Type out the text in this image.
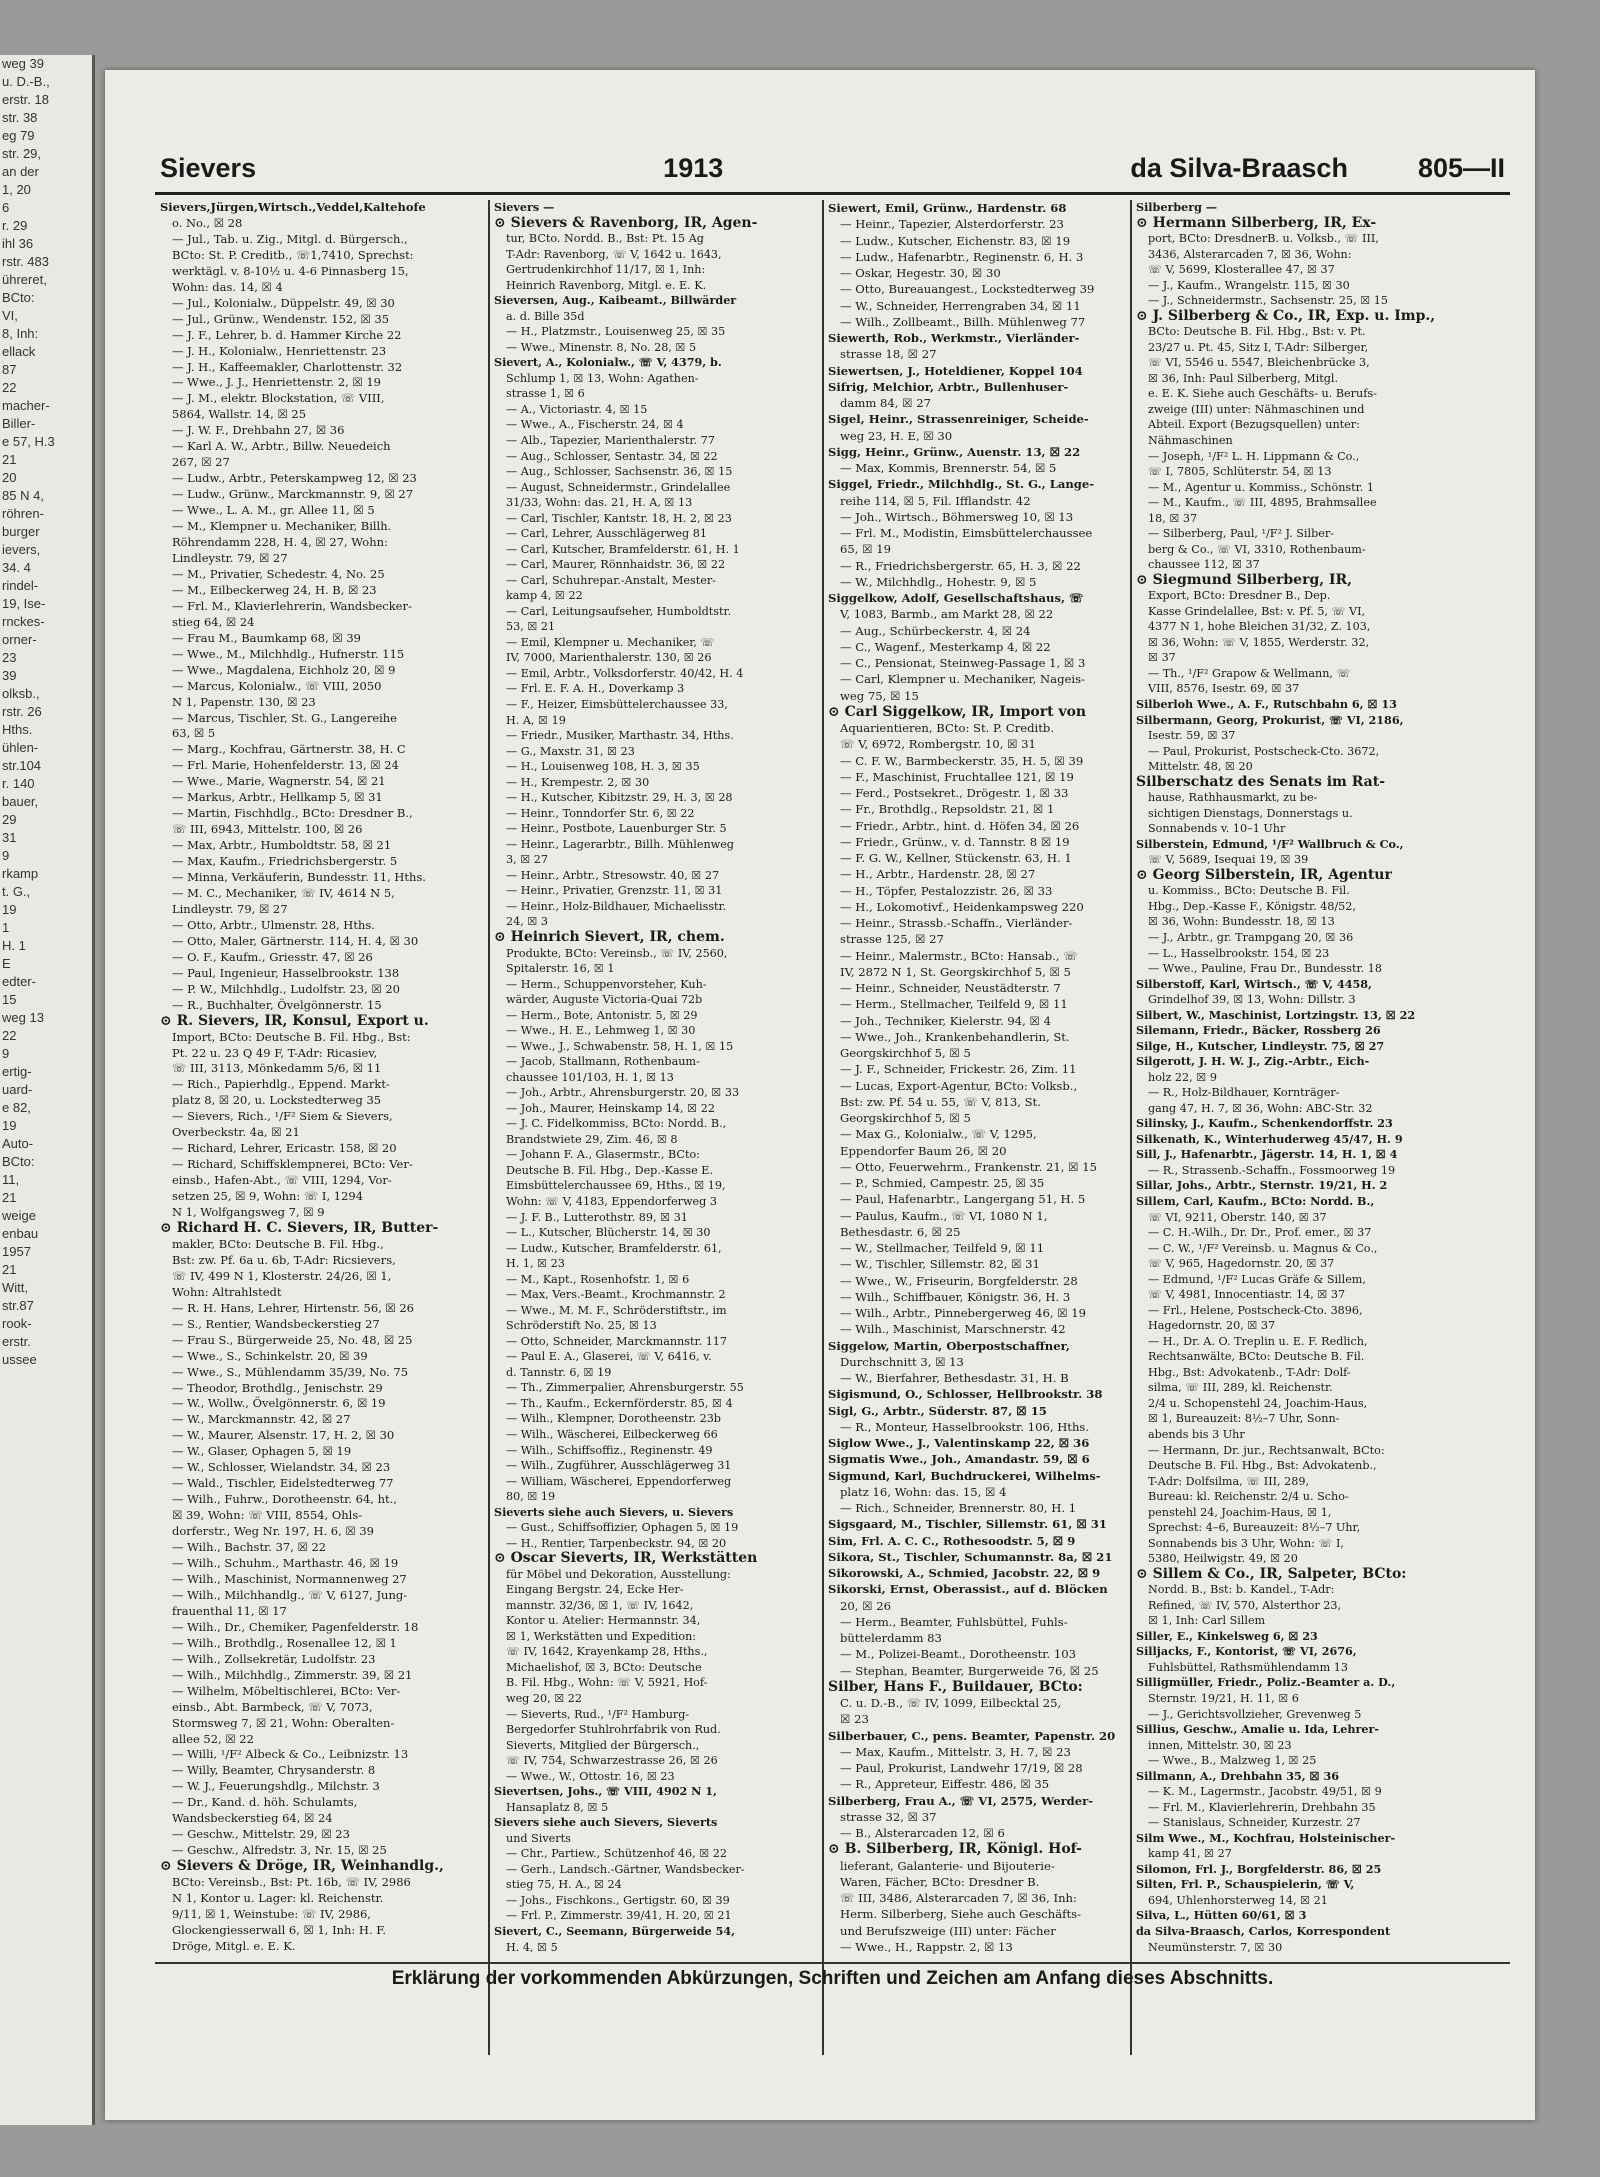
weg 39
u. D.-B.,
erstr. 18
str. 38
eg 79
str. 29,
an der
1, 20
6
r. 29
ihl 36
rstr. 483
ühreret,
BCto:
VI,
8, Inh:
ellack
87
22
macher-
Biller-
e 57, H.3
21
20
85 N 4,
röhren-
burger
ievers,
34. 4
rindel-
19, Ise-
rnckes-
orner-
23
39
olksb.,
rstr. 26
Hths.
ühlen-
str.104
r. 140
bauer,
29
31
9
rkamp
t. G.,
19
1
H. 1
E
edter-
15
weg 13
22
9
ertig-
uard-
e 82,
19
Auto-
BCto:
11,
21
weige
enbau
1957
21
Witt,
str.87
rook-
erstr.
ussee
Sievers	1913	da Silva-Braasch	805—II

Sievers,Jürgen,Wirtsch.,Veddel,Kaltehofe

o. No., ☒ 28

— Jul., Tab. u. Zig., Mitgl. d. Bürgersch.,

BCto: St. P. Creditb., ☏1,7410, Sprechst:

werktägl. v. 8-10½ u. 4-6 Pinnasberg 15,

Wohn: das. 14, ☒ 4

— Jul., Kolonialw., Düppelstr. 49, ☒ 30

— Jul., Grünw., Wendenstr. 152, ☒ 35

— J. F., Lehrer, b. d. Hammer Kirche 22

— J. H., Kolonialw., Henriettenstr. 23

— J. H., Kaffeemakler, Charlottenstr. 32

— Wwe., J. J., Henriettenstr. 2, ☒ 19

— J. M., elektr. Blockstation, ☏ VIII,

5864, Wallstr. 14, ☒ 25

— J. W. F., Drehbahn 27, ☒ 36

— Karl A. W., Arbtr., Billw. Neuedeich

267, ☒ 27

— Ludw., Arbtr., Peterskampweg 12, ☒ 23

— Ludw., Grünw., Marckmannstr. 9, ☒ 27

— Wwe., L. A. M., gr. Allee 11, ☒ 5

— M., Klempner u. Mechaniker, Billh.

Röhrendamm 228, H. 4, ☒ 27, Wohn:

Lindleystr. 79, ☒ 27

— M., Privatier, Schedestr. 4, No. 25

— M., Eilbeckerweg 24, H. B, ☒ 23

— Frl. M., Klavierlehrerin, Wandsbecker-

stieg 64, ☒ 24

— Frau M., Baumkamp 68, ☒ 39

— Wwe., M., Milchhdlg., Hufnerstr. 115

— Wwe., Magdalena, Eichholz 20, ☒ 9

— Marcus, Kolonialw., ☏ VIII, 2050

N 1, Papenstr. 130, ☒ 23

— Marcus, Tischler, St. G., Langereihe

63, ☒ 5

— Marg., Kochfrau, Gärtnerstr. 38, H. C

— Frl. Marie, Hohenfelderstr. 13, ☒ 24

— Wwe., Marie, Wagnerstr. 54, ☒ 21

— Markus, Arbtr., Hellkamp 5, ☒ 31

— Martin, Fischhdlg., BCto: Dresdner B.,

☏ III, 6943, Mittelstr. 100, ☒ 26

— Max, Arbtr., Humboldtstr. 58, ☒ 21

— Max, Kaufm., Friedrichsbergerstr. 5

— Minna, Verkäuferin, Bundesstr. 11, Hths.

— M. C., Mechaniker, ☏ IV, 4614 N 5,

Lindleystr. 79, ☒ 27

— Otto, Arbtr., Ulmenstr. 28, Hths.

— Otto, Maler, Gärtnerstr. 114, H. 4, ☒ 30

— O. F., Kaufm., Griesstr. 47, ☒ 26

— Paul, Ingenieur, Hasselbrookstr. 138

— P. W., Milchhdlg., Ludolfstr. 23, ☒ 20

— R., Buchhalter, Övelgönnerstr. 15

⊙ R. Sievers, IR, Konsul, Export u.

Import, BCto: Deutsche B. Fil. Hbg., Bst:

Pt. 22 u. 23 Q 49 F, T-Adr: Ricasiev,

☏ III, 3113, Mönkedamm 5/6, ☒ 11

— Rich., Papierhdlg., Eppend. Markt-

platz 8, ☒ 20, u. Lockstedterweg 35

— Sievers, Rich., ¹/F² Siem & Sievers,

Overbeckstr. 4a, ☒ 21

— Richard, Lehrer, Ericastr. 158, ☒ 20

— Richard, Schiffsklempnerei, BCto: Ver-

einsb., Hafen-Abt., ☏ VIII, 1294, Vor-

setzen 25, ☒ 9, Wohn: ☏ I, 1294

N 1, Wolfgangsweg 7, ☒ 9

⊙ Richard H. C. Sievers, IR, Butter-

makler, BCto: Deutsche B. Fil. Hbg.,

Bst: zw. Pf. 6a u. 6b, T-Adr: Ricsievers,

☏ IV, 499 N 1, Klosterstr. 24/26, ☒ 1,

Wohn: Altrahlstedt

— R. H. Hans, Lehrer, Hirtenstr. 56, ☒ 26

— S., Rentier, Wandsbeckerstieg 27

— Frau S., Bürgerweide 25, No. 48, ☒ 25

— Wwe., S., Schinkelstr. 20, ☒ 39

— Wwe., S., Mühlendamm 35/39, No. 75

— Theodor, Brothdlg., Jenischstr. 29

— W., Wollw., Övelgönnerstr. 6, ☒ 19

— W., Marckmannstr. 42, ☒ 27

— W., Maurer, Alsenstr. 17, H. 2, ☒ 30

— W., Glaser, Ophagen 5, ☒ 19

— W., Schlosser, Wielandstr. 34, ☒ 23

— Wald., Tischler, Eidelstedterweg 77

— Wilh., Fuhrw., Dorotheenstr. 64, ht.,

☒ 39, Wohn: ☏ VIII, 8554, Ohls-

dorferstr., Weg Nr. 197, H. 6, ☒ 39

— Wilh., Bachstr. 37, ☒ 22

— Wilh., Schuhm., Marthastr. 46, ☒ 19

— Wilh., Maschinist, Normannenweg 27

— Wilh., Milchhandlg., ☏ V, 6127, Jung-

frauenthal 11, ☒ 17

— Wilh., Dr., Chemiker, Pagenfelderstr. 18

— Wilh., Brothdlg., Rosenallee 12, ☒ 1

— Wilh., Zollsekretär, Ludolfstr. 23

— Wilh., Milchhdlg., Zimmerstr. 39, ☒ 21

— Wilhelm, Möbeltischlerei, BCto: Ver-

einsb., Abt. Barmbeck, ☏ V, 7073,

Stormsweg 7, ☒ 21, Wohn: Oberalten-

allee 52, ☒ 22

— Willi, ¹/F² Albeck & Co., Leibnizstr. 13

— Willy, Beamter, Chrysanderstr. 8

— W. J., Feuerungshdlg., Milchstr. 3

— Dr., Kand. d. höh. Schulamts,

Wandsbeckerstieg 64, ☒ 24

— Geschw., Mittelstr. 29, ☒ 23

— Geschw., Alfredstr. 3, Nr. 15, ☒ 25

⊙ Sievers & Dröge, IR, Weinhandlg.,

BCto: Vereinsb., Bst: Pt. 16b, ☏ IV, 2986

N 1, Kontor u. Lager: kl. Reichenstr.

9/11, ☒ 1, Weinstube: ☏ IV, 2986,

Glockengiesserwall 6, ☒ 1, Inh: H. F.

Dröge, Mitgl. e. E. K.

Sievers —

⊙ Sievers & Ravenborg, IR, Agen-

tur, BCto. Nordd. B., Bst: Pt. 15 Ag

T-Adr: Ravenborg, ☏ V, 1642 u. 1643,

Gertrudenkirchhof 11/17, ☒ 1, Inh:

Heinrich Ravenborg, Mitgl. e. E. K.

Sieversen, Aug., Kaibeamt., Billwärder

a. d. Bille 35d

— H., Platzmstr., Louisenweg 25, ☒ 35

— Wwe., Minenstr. 8, No. 28, ☒ 5

Sievert, A., Kolonialw., ☏ V, 4379, b.

Schlump 1, ☒ 13, Wohn: Agathen-

strasse 1, ☒ 6

— A., Victoriastr. 4, ☒ 15

— Wwe., A., Fischerstr. 24, ☒ 4

— Alb., Tapezier, Marienthalerstr. 77

— Aug., Schlosser, Sentastr. 34, ☒ 22

— Aug., Schlosser, Sachsenstr. 36, ☒ 15

— August, Schneidermstr., Grindelallee

31/33, Wohn: das. 21, H. A, ☒ 13

— Carl, Tischler, Kantstr. 18, H. 2, ☒ 23

— Carl, Lehrer, Ausschlägerweg 81

— Carl, Kutscher, Bramfelderstr. 61, H. 1

— Carl, Maurer, Rönnhaidstr. 36, ☒ 22

— Carl, Schuhrepar.-Anstalt, Mester-

kamp 4, ☒ 22

— Carl, Leitungsaufseher, Humboldtstr.

53, ☒ 21

— Emil, Klempner u. Mechaniker, ☏

IV, 7000, Marienthalerstr. 130, ☒ 26

— Emil, Arbtr., Volksdorferstr. 40/42, H. 4

— Frl. E. F. A. H., Doverkamp 3

— F., Heizer, Eimsbüttelerchaussee 33,

H. A, ☒ 19

— Friedr., Musiker, Marthastr. 34, Hths.

— G., Maxstr. 31, ☒ 23

— H., Louisenweg 108, H. 3, ☒ 35

— H., Krempestr. 2, ☒ 30

— H., Kutscher, Kibitzstr. 29, H. 3, ☒ 28

— Heinr., Tonndorfer Str. 6, ☒ 22

— Heinr., Postbote, Lauenburger Str. 5

— Heinr., Lagerarbtr., Billh. Mühlenweg

3, ☒ 27

— Heinr., Arbtr., Stresowstr. 40, ☒ 27

— Heinr., Privatier, Grenzstr. 11, ☒ 31

— Heinr., Holz-Bildhauer, Michaelisstr.

24, ☒ 3

⊙ Heinrich Sievert, IR, chem.

Produkte, BCto: Vereinsb., ☏ IV, 2560,

Spitalerstr. 16, ☒ 1

— Herm., Schuppenvorsteher, Kuh-

wärder, Auguste Victoria-Quai 72b

— Herm., Bote, Antonistr. 5, ☒ 29

— Wwe., H. E., Lehmweg 1, ☒ 30

— Wwe., J., Schwabenstr. 58, H. 1, ☒ 15

— Jacob, Stallmann, Rothenbaum-

chaussee 101/103, H. 1, ☒ 13

— Joh., Arbtr., Ahrensburgerstr. 20, ☒ 33

— Joh., Maurer, Heinskamp 14, ☒ 22

— J. C. Fidelkommiss, BCto: Nordd. B.,

Brandstwiete 29, Zim. 46, ☒ 8

— Johann F. A., Glasermstr., BCto:

Deutsche B. Fil. Hbg., Dep.-Kasse E.

Eimsbüttelerchaussee 69, Hths., ☒ 19,

Wohn: ☏ V, 4183, Eppendorferweg 3

— J. F. B., Lutterothstr. 89, ☒ 31

— L., Kutscher, Blücherstr. 14, ☒ 30

— Ludw., Kutscher, Bramfelderstr. 61,

H. 1, ☒ 23

— M., Kapt., Rosenhofstr. 1, ☒ 6

— Max, Vers.-Beamt., Krochmannstr. 2

— Wwe., M. M. F., Schröderstiftstr., im

Schröderstift No. 25, ☒ 13

— Otto, Schneider, Marckmannstr. 117

— Paul E. A., Glaserei, ☏ V, 6416, v.

d. Tannstr. 6, ☒ 19

— Th., Zimmerpalier, Ahrensburgerstr. 55

— Th., Kaufm., Eckernförderstr. 85, ☒ 4

— Wilh., Klempner, Dorotheenstr. 23b

— Wilh., Wäscherei, Eilbeckerweg 66

— Wilh., Schiffsoffiz., Reginenstr. 49

— Wilh., Zugführer, Ausschlägerweg 31

— William, Wäscherei, Eppendorferweg

80, ☒ 19

Sieverts siehe auch Sievers, u. Sievers

— Gust., Schiffsoffizier, Ophagen 5, ☒ 19

— H., Rentier, Tarpenbeckstr. 94, ☒ 20

⊙ Oscar Sieverts, IR, Werkstätten

für Möbel und Dekoration, Ausstellung:

Eingang Bergstr. 24, Ecke Her-

mannstr. 32/36, ☒ 1, ☏ IV, 1642,

Kontor u. Atelier: Hermannstr. 34,

☒ 1, Werkstätten und Expedition:

☏ IV, 1642, Krayenkamp 28, Hths.,

Michaelishof, ☒ 3, BCto: Deutsche

B. Fil. Hbg., Wohn: ☏ V, 5921, Hof-

weg 20, ☒ 22

— Sieverts, Rud., ¹/F² Hamburg-

Bergedorfer Stuhlrohrfabrik von Rud.

Sieverts, Mitglied der Bürgersch.,

☏ IV, 754, Schwarzestrasse 26, ☒ 26

— Wwe., W., Ottostr. 16, ☒ 23

Sievertsen, Johs., ☏ VIII, 4902 N 1,

Hansaplatz 8, ☒ 5

Sievers siehe auch Sievers, Sieverts

und Siverts

— Chr., Partiew., Schützenhof 46, ☒ 22

— Gerh., Landsch.-Gärtner, Wandsbecker-

stieg 75, H. A., ☒ 24

— Johs., Fischkons., Gertigstr. 60, ☒ 39

— Frl. P., Zimmerstr. 39/41, H. 20, ☒ 21

Sievert, C., Seemann, Bürgerweide 54,

H. 4, ☒ 5

Siewert, Emil, Grünw., Hardenstr. 68

— Heinr., Tapezier, Alsterdorferstr. 23

— Ludw., Kutscher, Eichenstr. 83, ☒ 19

— Ludw., Hafenarbtr., Reginenstr. 6, H. 3

— Oskar, Hegestr. 30, ☒ 30

— Otto, Bureauangest., Lockstedterweg 39

— W., Schneider, Herrengraben 34, ☒ 11

— Wilh., Zollbeamt., Billh. Mühlenweg 77

Siewerth, Rob., Werkmstr., Vierländer-

strasse 18, ☒ 27

Siewertsen, J., Hoteldiener, Koppel 104

Sifrig, Melchior, Arbtr., Bullenhuser-

damm 84, ☒ 27

Sigel, Heinr., Strassenreiniger, Scheide-

weg 23, H. E, ☒ 30

Sigg, Heinr., Grünw., Auenstr. 13, ☒ 22

— Max, Kommis, Brennerstr. 54, ☒ 5

Siggel, Friedr., Milchhdlg., St. G., Lange-

reihe 114, ☒ 5, Fil. Ifflandstr. 42

— Joh., Wirtsch., Böhmersweg 10, ☒ 13

— Frl. M., Modistin, Eimsbüttelerchaussee

65, ☒ 19

— R., Friedrichsbergerstr. 65, H. 3, ☒ 22

— W., Milchhdlg., Hohestr. 9, ☒ 5

Siggelkow, Adolf, Gesellschaftshaus, ☏

V, 1083, Barmb., am Markt 28, ☒ 22

— Aug., Schürbeckerstr. 4, ☒ 24

— C., Wagenf., Mesterkamp 4, ☒ 22

— C., Pensionat, Steinweg-Passage 1, ☒ 3

— Carl, Klempner u. Mechaniker, Nageis-

weg 75, ☒ 15

⊙ Carl Siggelkow, IR, Import von

Aquarientieren, BCto: St. P. Creditb.

☏ V, 6972, Rombergstr. 10, ☒ 31

— C. F. W., Barmbeckerstr. 35, H. 5, ☒ 39

— F., Maschinist, Fruchtallee 121, ☒ 19

— Ferd., Postsekret., Drögestr. 1, ☒ 33

— Fr., Brothdlg., Repsoldstr. 21, ☒ 1

— Friedr., Arbtr., hint. d. Höfen 34, ☒ 26

— Friedr., Grünw., v. d. Tannstr. 8 ☒ 19

— F. G. W., Kellner, Stückenstr. 63, H. 1

— H., Arbtr., Hardenstr. 28, ☒ 27

— H., Töpfer, Pestalozzistr. 26, ☒ 33

— H., Lokomotivf., Heidenkampsweg 220

— Heinr., Strassb.-Schaffn., Vierländer-

strasse 125, ☒ 27

— Heinr., Malermstr., BCto: Hansab., ☏

IV, 2872 N 1, St. Georgskirchhof 5, ☒ 5

— Heinr., Schneider, Neustädterstr. 7

— Herm., Stellmacher, Teilfeld 9, ☒ 11

— Joh., Techniker, Kielerstr. 94, ☒ 4

— Wwe., Joh., Krankenbehandlerin, St.

Georgskirchhof 5, ☒ 5

— J. F., Schneider, Frickestr. 26, Zim. 11

— Lucas, Export-Agentur, BCto: Volksb.,

Bst: zw. Pf. 54 u. 55, ☏ V, 813, St.

Georgskirchhof 5, ☒ 5

— Max G., Kolonialw., ☏ V, 1295,

Eppendorfer Baum 26, ☒ 20

— Otto, Feuerwehrm., Frankenstr. 21, ☒ 15

— P., Schmied, Campestr. 25, ☒ 35

— Paul, Hafenarbtr., Langergang 51, H. 5

— Paulus, Kaufm., ☏ VI, 1080 N 1,

Bethesdastr. 6, ☒ 25

— W., Stellmacher, Teilfeld 9, ☒ 11

— W., Tischler, Sillemstr. 82, ☒ 31

— Wwe., W., Friseurin, Borgfelderstr. 28

— Wilh., Schiffbauer, Königstr. 36, H. 3

— Wilh., Arbtr., Pinnebergerweg 46, ☒ 19

— Wilh., Maschinist, Marschnerstr. 42

Siggelow, Martin, Oberpostschaffner,

Durchschnitt 3, ☒ 13

— W., Bierfahrer, Bethesdastr. 31, H. B

Sigismund, O., Schlosser, Hellbrookstr. 38

Sigl, G., Arbtr., Süderstr. 87, ☒ 15

— R., Monteur, Hasselbrookstr. 106, Hths.

Siglow Wwe., J., Valentinskamp 22, ☒ 36

Sigmatis Wwe., Joh., Amandastr. 59, ☒ 6

Sigmund, Karl, Buchdruckerei, Wilhelms-

platz 16, Wohn: das. 15, ☒ 4

— Rich., Schneider, Brennerstr. 80, H. 1

Sigsgaard, M., Tischler, Sillemstr. 61, ☒ 31

Sim, Frl. A. C. C., Rothesoodstr. 5, ☒ 9

Sikora, St., Tischler, Schumannstr. 8a, ☒ 21

Sikorowski, A., Schmied, Jacobstr. 22, ☒ 9

Sikorski, Ernst, Oberassist., auf d. Blöcken

20, ☒ 26

— Herm., Beamter, Fuhlsbüttel, Fuhls-

büttelerdamm 83

— M., Polizei-Beamt., Dorotheenstr. 103

— Stephan, Beamter, Burgerweide 76, ☒ 25

Silber, Hans F., Buildauer, BCto:

C. u. D.-B., ☏ IV, 1099, Eilbecktal 25,

☒ 23

Silberbauer, C., pens. Beamter, Papenstr. 20

— Max, Kaufm., Mittelstr. 3, H. 7, ☒ 23

— Paul, Prokurist, Landwehr 17/19, ☒ 28

— R., Appreteur, Eiffestr. 486, ☒ 35

Silberberg, Frau A., ☏ VI, 2575, Werder-

strasse 32, ☒ 37

— B., Alsterarcaden 12, ☒ 6

⊙ B. Silberberg, IR, Königl. Hof-

lieferant, Galanterie- und Bijouterie-

Waren, Fächer, BCto: Dresdner B.

☏ III, 3486, Alsterarcaden 7, ☒ 36, Inh:

Herm. Silberberg, Siehe auch Geschäfts-

und Berufszweige (III) unter: Fächer

— Wwe., H., Rappstr. 2, ☒ 13

Silberberg —

⊙ Hermann Silberberg, IR, Ex-

port, BCto: DresdnerB. u. Volksb., ☏ III,

3436, Alsterarcaden 7, ☒ 36, Wohn:

☏ V, 5699, Klosterallee 47, ☒ 37

— J., Kaufm., Wrangelstr. 115, ☒ 30

— J., Schneidermstr., Sachsenstr. 25, ☒ 15

⊙ J. Silberberg & Co., IR, Exp. u. Imp.,

BCto: Deutsche B. Fil. Hbg., Bst: v. Pt.

23/27 u. Pt. 45, Sitz I, T-Adr: Silberger,

☏ VI, 5546 u. 5547, Bleichenbrücke 3,

☒ 36, Inh: Paul Silberberg, Mitgl.

e. E. K. Siehe auch Geschäfts- u. Berufs-

zweige (III) unter: Nähmaschinen und

Abteil. Export (Bezugsquellen) unter:

Nähmaschinen

— Joseph, ¹/F² L. H. Lippmann & Co.,

☏ I, 7805, Schlüterstr. 54, ☒ 13

— M., Agentur u. Kommiss., Schönstr. 1

— M., Kaufm., ☏ III, 4895, Brahmsallee

18, ☒ 37

— Silberberg, Paul, ¹/F² J. Silber-

berg & Co., ☏ VI, 3310, Rothenbaum-

chaussee 112, ☒ 37

⊙ Siegmund Silberberg, IR,

Export, BCto: Dresdner B., Dep.

Kasse Grindelallee, Bst: v. Pf. 5, ☏ VI,

4377 N 1, hohe Bleichen 31/32, Z. 103,

☒ 36, Wohn: ☏ V, 1855, Werderstr. 32,

☒ 37

— Th., ¹/F² Grapow & Wellmann, ☏

VIII, 8576, Isestr. 69, ☒ 37

Silberloh Wwe., A. F., Rutschbahn 6, ☒ 13

Silbermann, Georg, Prokurist, ☏ VI, 2186,

Isestr. 59, ☒ 37

— Paul, Prokurist, Postscheck-Cto. 3672,

Mittelstr. 48, ☒ 20

Silberschatz des Senats im Rat-

hause, Rathhausmarkt, zu be-

sichtigen Dienstags, Donnerstags u.

Sonnabends v. 10–1 Uhr

Silberstein, Edmund, ¹/F² Wallbruch & Co.,

☏ V, 5689, Isequai 19, ☒ 39

⊙ Georg Silberstein, IR, Agentur

u. Kommiss., BCto: Deutsche B. Fil.

Hbg., Dep.-Kasse F., Königstr. 48/52,

☒ 36, Wohn: Bundesstr. 18, ☒ 13

— J., Arbtr., gr. Trampgang 20, ☒ 36

— L., Hasselbrookstr. 154, ☒ 23

— Wwe., Pauline, Frau Dr., Bundesstr. 18

Silberstoff, Karl, Wirtsch., ☏ V, 4458,

Grindelhof 39, ☒ 13, Wohn: Dillstr. 3

Silbert, W., Maschinist, Lortzingstr. 13, ☒ 22

Silemann, Friedr., Bäcker, Rossberg 26

Silge, H., Kutscher, Lindleystr. 75, ☒ 27

Silgerott, J. H. W. J., Zig.-Arbtr., Eich-

holz 22, ☒ 9

— R., Holz-Bildhauer, Kornträger-

gang 47, H. 7, ☒ 36, Wohn: ABC-Str. 32

Silinsky, J., Kaufm., Schenkendorffstr. 23

Silkenath, K., Winterhuderweg 45/47, H. 9

Sill, J., Hafenarbtr., Jägerstr. 14, H. 1, ☒ 4

— R., Strassenb.-Schaffn., Fossmoorweg 19

Sillar, Johs., Arbtr., Sternstr. 19/21, H. 2

Sillem, Carl, Kaufm., BCto: Nordd. B.,

☏ VI, 9211, Oberstr. 140, ☒ 37

— C. H.-Wilh., Dr. Dr., Prof. emer., ☒ 37

— C. W., ¹/F² Vereinsb. u. Magnus & Co.,

☏ V, 965, Hagedornstr. 20, ☒ 37

— Edmund, ¹/F² Lucas Gräfe & Sillem,

☏ V, 4981, Innocentiastr. 14, ☒ 37

— Frl., Helene, Postscheck-Cto. 3896,

Hagedornstr. 20, ☒ 37

— H., Dr. A. O. Treplin u. E. F. Redlich,

Rechtsanwälte, BCto: Deutsche B. Fil.

Hbg., Bst: Advokatenb., T-Adr: Dolf-

silma, ☏ III, 289, kl. Reichenstr.

2/4 u. Schopenstehl 24, Joachim-Haus,

☒ 1, Bureauzeit: 8½–7 Uhr, Sonn-

abends bis 3 Uhr

— Hermann, Dr. jur., Rechtsanwalt, BCto:

Deutsche B. Fil. Hbg., Bst: Advokatenb.,

T-Adr: Dolfsilma, ☏ III, 289,

Bureau: kl. Reichenstr. 2/4 u. Scho-

penstehl 24, Joachim-Haus, ☒ 1,

Sprechst: 4–6, Bureauzeit: 8½–7 Uhr,

Sonnabends bis 3 Uhr, Wohn: ☏ I,

5380, Heilwigstr. 49, ☒ 20

⊙ Sillem & Co., IR, Salpeter, BCto:

Nordd. B., Bst: b. Kandel., T-Adr:

Refined, ☏ IV, 570, Alsterthor 23,

☒ 1, Inh: Carl Sillem

Siller, E., Kinkelsweg 6, ☒ 23

Silljacks, F., Kontorist, ☏ VI, 2676,

Fuhlsbüttel, Rathsmühlendamm 13

Silligmüller, Friedr., Poliz.-Beamter a. D.,

Sternstr. 19/21, H. 11, ☒ 6

— J., Gerichtsvollzieher, Grevenweg 5

Sillius, Geschw., Amalie u. Ida, Lehrer-

innen, Mittelstr. 30, ☒ 23

— Wwe., B., Malzweg 1, ☒ 25

Sillmann, A., Drehbahn 35, ☒ 36

— K. M., Lagermstr., Jacobstr. 49/51, ☒ 9

— Frl. M., Klavierlehrerin, Drehbahn 35

— Stanislaus, Schneider, Kurzestr. 27

Silm Wwe., M., Kochfrau, Holsteinischer-

kamp 41, ☒ 27

Silomon, Frl. J., Borgfelderstr. 86, ☒ 25

Silten, Frl. P., Schauspielerin, ☏ V,

694, Uhlenhorsterweg 14, ☒ 21

Silva, L., Hütten 60/61, ☒ 3

da Silva-Braasch, Carlos, Korrespondent

Neumünsterstr. 7, ☒ 30

Erklärung der vorkommenden Abkürzungen, Schriften und Zeichen am Anfang dieses Abschnitts.
